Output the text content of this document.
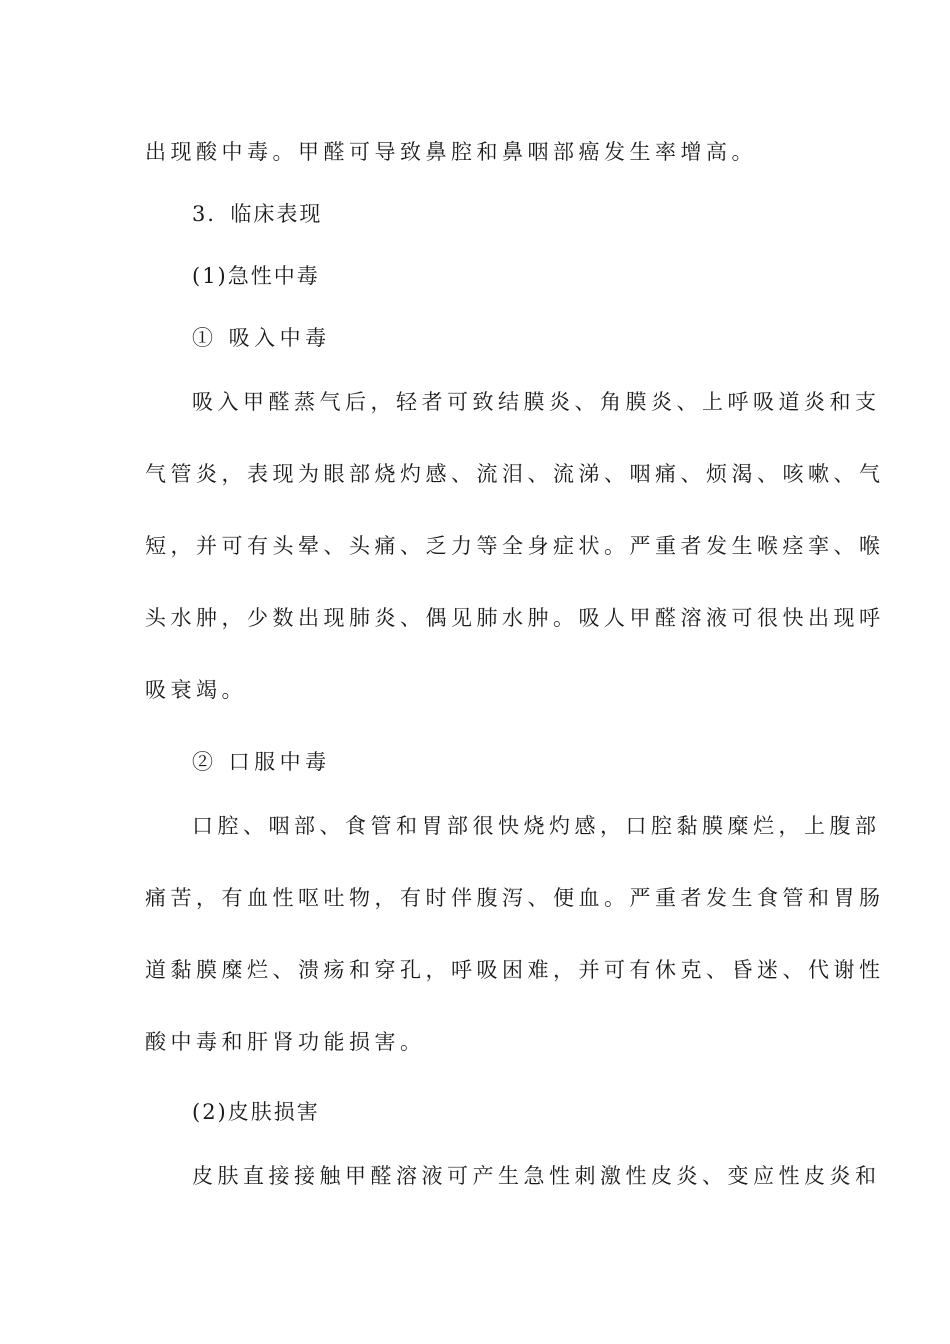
出现酸中毒。甲醛可导致鼻腔和鼻咽部癌发生率增高。
3．临床表现
(1)急性中毒
① 吸入中毒
吸入甲醛蒸气后，轻者可致结膜炎、角膜炎、上呼吸道炎和支
气管炎，表现为眼部烧灼感、流泪、流涕、咽痛、烦渴、咳嗽、气
短，并可有头晕、头痛、乏力等全身症状。严重者发生喉痉挛、喉
头水肿，少数出现肺炎、偶见肺水肿。吸人甲醛溶液可很快出现呼
吸衰竭。
② 口服中毒
口腔、咽部、食管和胃部很快烧灼感，口腔黏膜糜烂，上腹部
痛苦，有血性呕吐物，有时伴腹泻、便血。严重者发生食管和胃肠
道黏膜糜烂、溃疡和穿孔，呼吸困难，并可有休克、昏迷、代谢性
酸中毒和肝肾功能损害。
(2)皮肤损害
皮肤直接接触甲醛溶液可产生急性刺激性皮炎、变应性皮炎和
